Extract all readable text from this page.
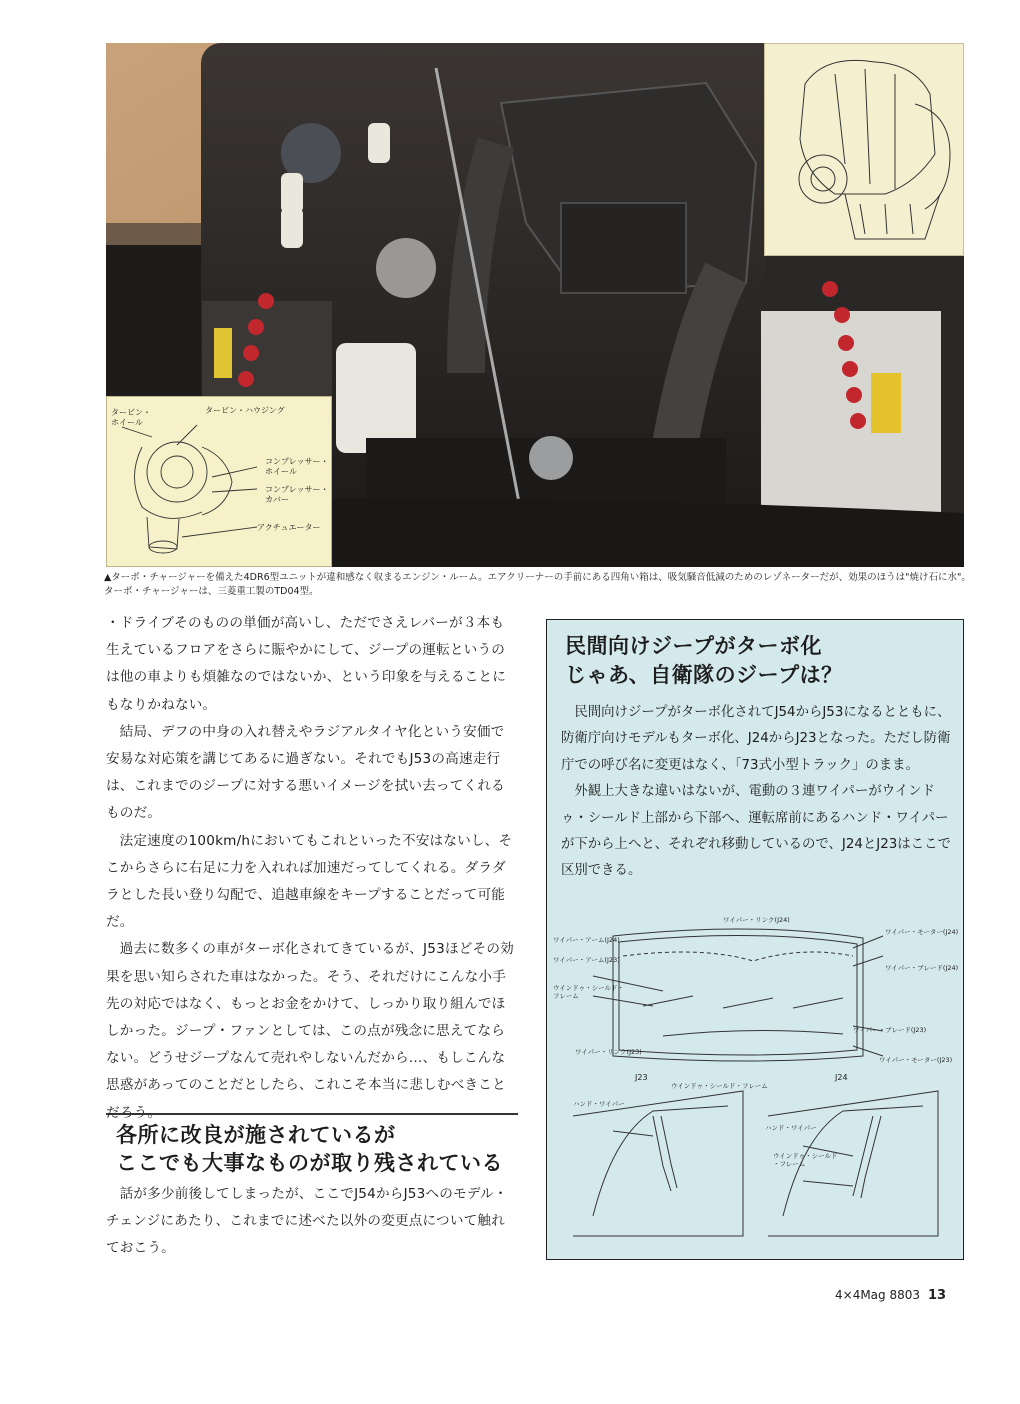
タービン・
ホイール
タービン・ハウジング
コンプレッサー・
ホイール
コンプレッサー・
カバー
アクチュエーター
▲ターボ・チャージャーを備えた4DR6型ユニットが違和感なく収まるエンジン・ルーム。エアクリーナーの手前にある四角い箱は、吸気騒音低減のためのレゾネーターだが、効果のほうは"焼け石に水"。ターボ・チャージャーは、三菱重工製のTD04型。

・ドライブそのものの単価が高いし、ただでさえレバーが３本も生えているフロアをさらに賑やかにして、ジープの運転というのは他の車よりも煩雑なのではないか、という印象を与えることにもなりかねない。

結局、デフの中身の入れ替えやラジアルタイヤ化という安価で安易な対応策を講じてあるに過ぎない。それでもJ53の高速走行は、これまでのジープに対する悪いイメージを拭い去ってくれるものだ。

法定速度の100km/hにおいてもこれといった不安はないし、そこからさらに右足に力を入れれば加速だってしてくれる。ダラダラとした長い登り勾配で、追越車線をキープすることだって可能だ。

過去に数多くの車がターボ化されてきているが、J53ほどその効果を思い知らされた車はなかった。そう、それだけにこんな小手先の対応ではなく、もっとお金をかけて、しっかり取り組んでほしかった。ジープ・ファンとしては、この点が残念に思えてならない。どうせジープなんて売れやしないんだから…、もしこんな思惑があってのことだとしたら、これこそ本当に悲しむべきことだろう。

各所に改良が施されているが

ここでも大事なものが取り残されている

話が多少前後してしまったが、ここでJ54からJ53へのモデル・チェンジにあたり、これまでに述べた以外の変更点について触れておこう。

民間向けジープがターボ化

じゃあ、自衛隊のジープは？

民間向けジープがターボ化されてJ54からJ53になるとともに、防衛庁向けモデルもターボ化、J24からJ23となった。ただし防衛庁での呼び名に変更はなく、「73式小型トラック」のまま。

外観上大きな違いはないが、電動の３連ワイパーがウインドゥ・シールド上部から下部へ、運転席前にあるハンド・ワイパーが下から上へと、それぞれ移動しているので、J24とJ23はここで区別できる。

ワイパー・リンク(J24)
ワイパー・モーター(J24)
ワイパー・アーム(J24)
ワイパー・アーム(J23)
ワイパー・ブレード(J24)
ウインドゥ・シールド・
フレーム
ワイパー・ブレード(J23)
ワイパー・リンク(J23)
ワイパー・モーター(J23)
J23	J24
ウインドゥ・シールド・フレーム
ハンド・ワイパー
ハンド・ワイパー
ウインドゥ・シールド
・フレーム
4×4Mag 8803 13
